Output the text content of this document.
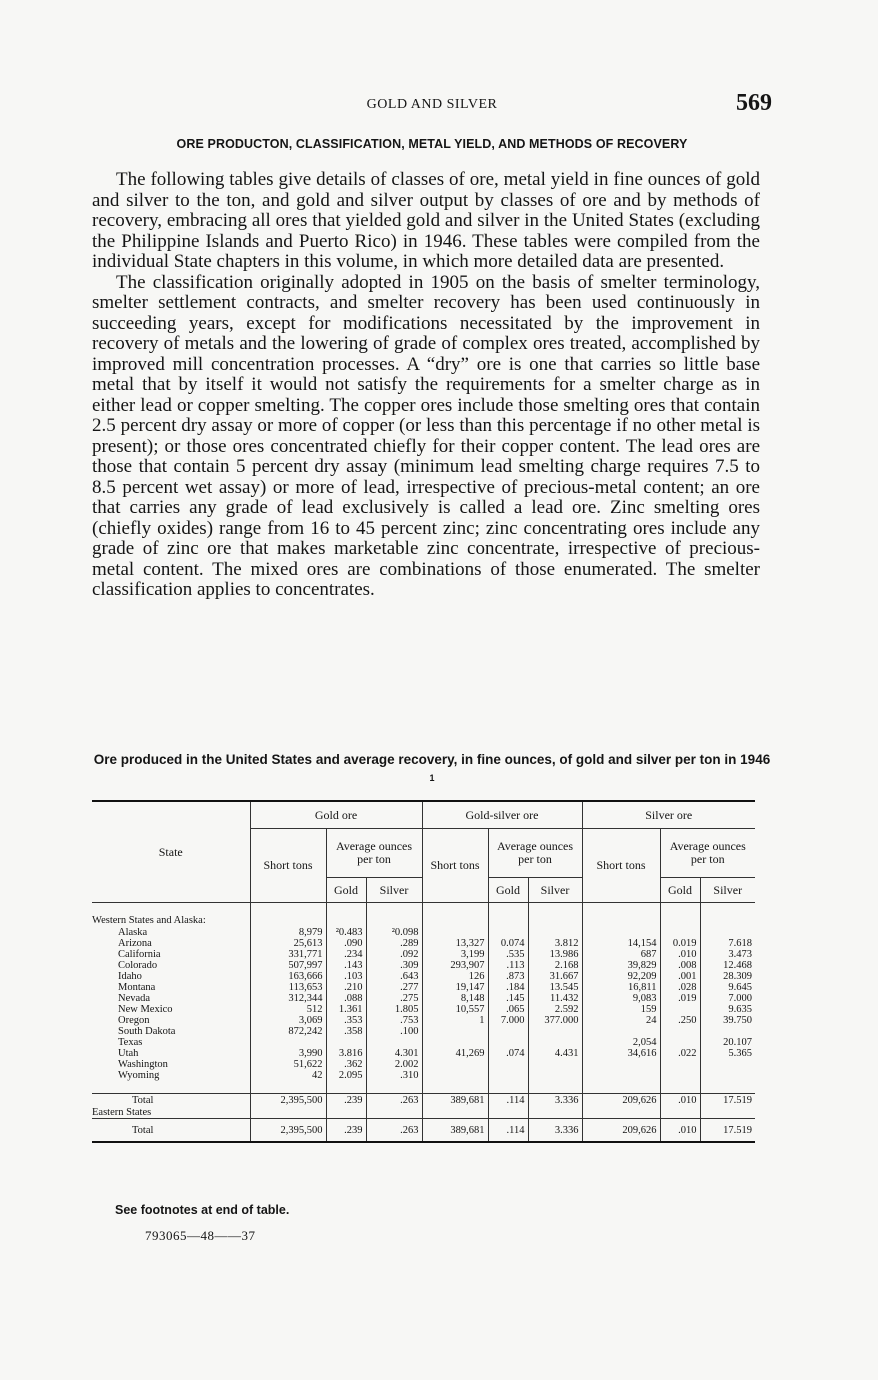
GOLD AND SILVER	569
ORE PRODUCTON, CLASSIFICATION, METAL YIELD, AND METHODS OF RECOVERY

The following tables give details of classes of ore, metal yield in fine ounces of gold and silver to the ton, and gold and silver output by classes of ore and by methods of recovery, embracing all ores that yielded gold and silver in the United States (excluding the Philippine Islands and Puerto Rico) in 1946. These tables were compiled from the individual State chapters in this volume, in which more detailed data are presented.

The classification originally adopted in 1905 on the basis of smelter terminology, smelter settlement contracts, and smelter recovery has been used continuously in succeeding years, except for modifications necessitated by the improvement in recovery of metals and the lowering of grade of complex ores treated, accomplished by improved mill concentration processes. A “dry” ore is one that carries so little base metal that by itself it would not satisfy the requirements for a smelter charge as in either lead or copper smelting. The copper ores include those smelting ores that contain 2.5 percent dry assay or more of copper (or less than this percentage if no other metal is present); or those ores concentrated chiefly for their copper content. The lead ores are those that contain 5 percent dry assay (minimum lead smelting charge requires 7.5 to 8.5 percent wet assay) or more of lead, irrespective of precious-metal content; an ore that carries any grade of lead exclusively is called a lead ore. Zinc smelting ores (chiefly oxides) range from 16 to 45 percent zinc; zinc concentrating ores include any grade of zinc ore that makes marketable zinc concentrate, irrespective of precious-metal content. The mixed ores are combinations of those enumerated. The smelter classification applies to concentrates.

Ore produced in the United States and average recovery, in fine ounces, of gold and silver per ton in 1946 $^1$
State	Gold ore			Gold-silver ore			Silver ore		
	Short tons	Average ounces per ton		Short tons	Average ounces per ton		Short tons	Average ounces per ton	
		Gold	Silver		Gold	Silver		Gold	Silver

Western States and Alaska:									
Alaska	8,979	²0.483	²0.098						
Arizona	25,613	.090	.289	13,327	0.074	3.812	14,154	0.019	7.618
California	331,771	.234	.092	3,199	.535	13.986	687	.010	3.473
Colorado	507,997	.143	.309	293,907	.113	2.168	39,829	.008	12.468
Idaho	163,666	.103	.643	126	.873	31.667	92,209	.001	28.309
Montana	113,653	.210	.277	19,147	.184	13.545	16,811	.028	9.645
Nevada	312,344	.088	.275	8,148	.145	11.432	9,083	.019	7.000
New Mexico	512	1.361	1.805	10,557	.065	2.592	159		9.635
Oregon	3,069	.353	.753	1	7.000	377.000	24	.250	39.750
South Dakota	872,242	.358	.100						
Texas							2,054		20.107
Utah	3,990	3.816	4.301	41,269	.074	4.431	34,616	.022	5.365
Washington	51,622	.362	2.002						
Wyoming	42	2.095	.310						

Total	2,395,500	.239	.263	389,681	.114	3.336	209,626	.010	17.519
Eastern States									
Total	2,395,500	.239	.263	389,681	.114	3.336	209,626	.010	17.519
See footnotes at end of table.
793065—48——37
